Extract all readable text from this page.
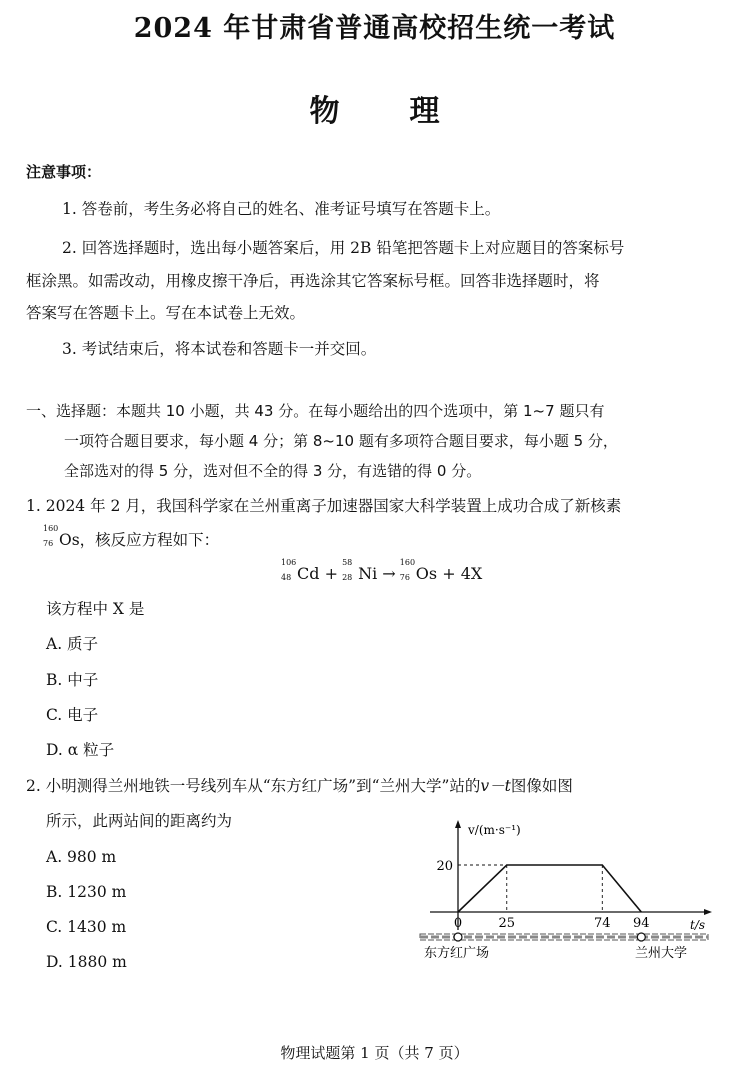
2024 年甘肃省普通高校招生统一考试
物理
注意事项：
1. 答卷前，考生务必将自己的姓名、准考证号填写在答题卡上。
2. 回答选择题时，选出每小题答案后，用 2B 铅笔把答题卡上对应题目的答案标号
框涂黑。如需改动，用橡皮擦干净后，再选涂其它答案标号框。回答非选择题时，将
答案写在答题卡上。写在本试卷上无效。
3. 考试结束后，将本试卷和答题卡一并交回。
一、选择题：本题共 10 小题，共 43 分。在每小题给出的四个选项中，第 1~7 题只有
一项符合题目要求，每小题 4 分；第 8~10 题有多项符合题目要求，每小题 5 分，
全部选对的得 5 分，选对但不全的得 3 分，有选错的得 0 分。
1. 2024 年 2 月，我国科学家在兰州重离子加速器国家大科学装置上成功合成了新核素
160
76 Os，核反应方程如下：
106
48 Cd +
58
28 Ni →
160
76 Os + 4X
该方程中 X 是
A. 质子
B. 中子
C. 电子
D. α 粒子
2. 小明测得兰州地铁一号线列车从“东方红广场”到“兰州大学”站的v－t图像如图
所示，此两站间的距离约为
A. 980 m
B. 1230 m
C. 1430 m
D. 1880 m
v/(m·s⁻¹)
t/s
20
0	25	74 94
东方红广场	兰州大学
物理试题第 1 页（共 7 页）
